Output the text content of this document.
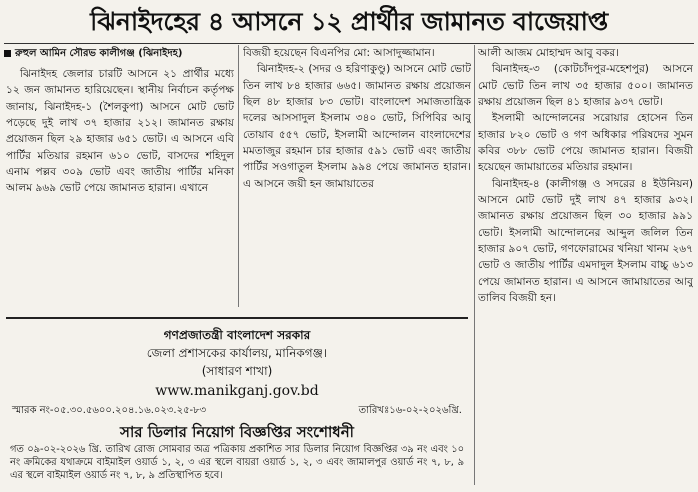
ঝিনাইদহের ৪ আসনে ১২ প্রার্থীর জামানত বাজেয়াপ্ত
রুহুল আমিন সৌরভ কালীগঞ্জ (ঝিনাইদহ)

ঝিনাইদহ জেলার চারটি আসনে ২১ প্রার্থীর মধ্যে ১২ জন জামানত হারিয়েছেন। স্থানীয় নির্বাচন কর্তৃপক্ষ জানায়, ঝিনাইদহ-১ (শৈলকুপা) আসনে মোট ভোট পড়েছে দুই লাখ ৩৭ হাজার ২১২। জামানত রক্ষায় প্রয়োজন ছিল ২৯ হাজার ৬৫১ ভোট। এ আসনে এবি পার্টির মতিয়ার রহমান ৬১০ ভোট, বাসদের শহিদুল এনাম পল্লব ৩০৯ ভোট এবং জাতীয় পার্টির মনিকা আলম ৯৬৯ ভোট পেয়ে জামানত হারান। এখানে

বিজয়ী হয়েছেন বিএনপির মো: আসাদুজ্জামান।

ঝিনাইদহ-২ (সদর ও হরিণাকুণ্ডু) আসনে মোট ভোট তিন লাখ ৮৪ হাজার ৬৬৫। জামানত রক্ষায় প্রয়োজন ছিল ৪৮ হাজার ৮৩ ভোট। বাংলাদেশ সমাজতান্ত্রিক দলের আসসাদুল ইসলাম ৩৪০ ভোট, সিপিবির আবু তোয়াব ৫৫৭ ভোট, ইসলামী আন্দোলন বাংলাদেশের মমতাজুর রহমান চার হাজার ৫৯১ ভোট এবং জাতীয় পার্টির সওগাতুল ইসলাম ৯৯৪ পেয়ে জামানত হারান। এ আসনে জয়ী হন জামায়াতের

আলী আজম মোহাম্মদ আবু বকর।

ঝিনাইদহ-৩ (কোটচাঁদপুর-মহেশপুর) আসনে মোট ভোট তিন লাখ ৩৫ হাজার ৫০০। জামানত রক্ষায় প্রয়োজন ছিল ৪১ হাজার ৯৩৭ ভোট।

ইসলামী আন্দোলনের সরোয়ার হোসেন তিন হাজার ৮২০ ভোট ও গণ অধিকার পরিষদের সুমন কবির ৩৮৮ ভোট পেয়ে জামানত হারান। বিজয়ী হয়েছেন জামায়াতের মতিয়ার রহমান।

ঝিনাইদহ-৪ (কালীগঞ্জ ও সদরের ৪ ইউনিয়ন) আসনে মোট ভোট দুই লাখ ৪৭ হাজার ৯৩২। জামানত রক্ষায় প্রয়োজন ছিল ৩০ হাজার ৯৯১ ভোট। ইসলামী আন্দোলনের আব্দুল জলিল তিন হাজার ৯০৭ ভোট, গণফোরামের খনিয়া খানম ২৬৭ ভোট ও জাতীয় পার্টির এমদাদুল ইসলাম বাচ্চু ৬১৩ পেয়ে জামানত হারান। এ আসনে জামায়াতের আবু তালিব বিজয়ী হন।

গণপ্রজাতন্ত্রী বাংলাদেশ সরকার
জেলা প্রশাসকের কার্যালয়, মানিকগঞ্জ।
(সাধারণ শাখা)
www.manikganj.gov.bd
স্মারক নং-০৫.৩০.৫৬০০.২০৪.১৬.০২৩.২৫-৮৩	তারিখঃ১৬-০২-২০২৬খ্রি.
সার ডিলার নিয়োগ বিজ্ঞপ্তির সংশোধনী
গত ০৯-০২-২০২৬ খ্রি. তারিখ রোজ সোমবার অত্র পত্রিকায় প্রকাশিত সার ডিলার নিয়োগ বিজ্ঞপ্তির ৩৯ নং এবং ১০ নং ক্রমিকের যথাক্রমে বাইমাইল ওয়ার্ড ১, ২, ৩ এর স্থলে বায়রা ওয়ার্ড ১, ২, ৩ এবং জামালপুর ওয়ার্ড নং ৭, ৮, ৯ এর স্থলে বাইমাইল ওয়ার্ড নং ৭, ৮, ৯ প্রতিস্থাপিত হবে।
